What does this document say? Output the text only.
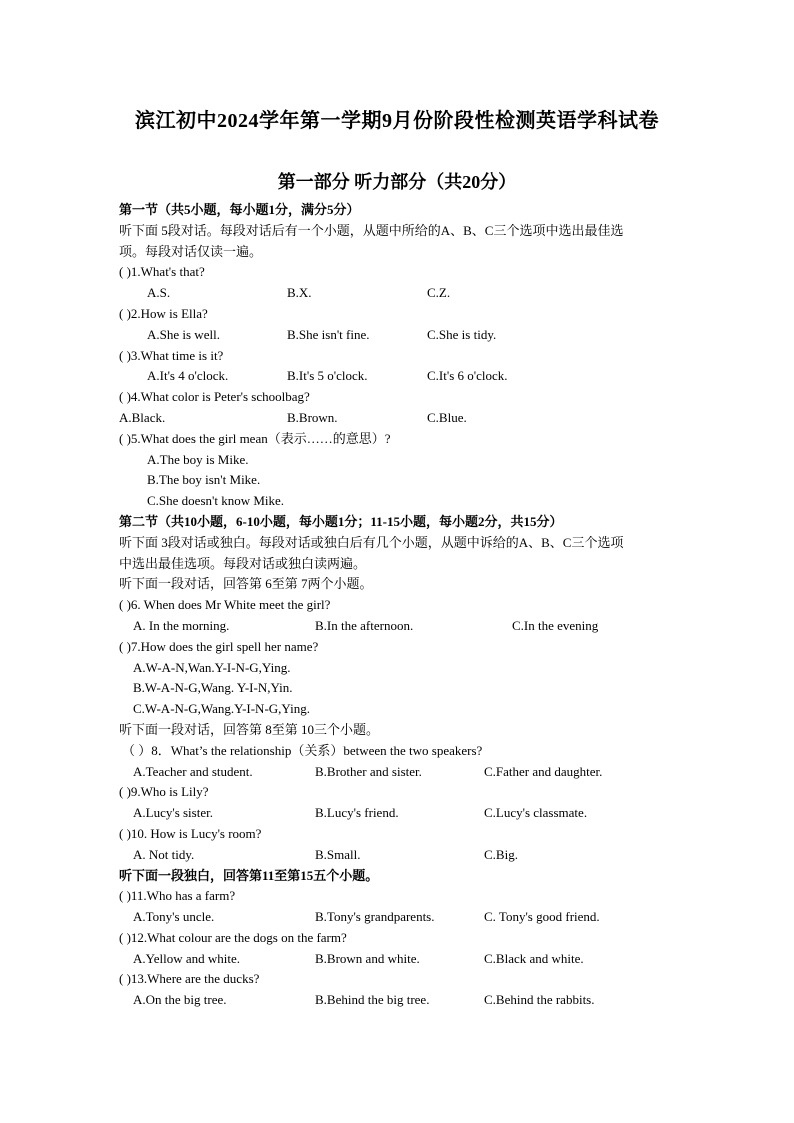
滨江初中2024学年第一学期9月份阶段性检测英语学科试卷
第一部分 听力部分（共20分）
第一节（共5小题，每小题1分，满分5分）
听下面 5段对话。每段对话后有一个小题，从题中所给的A、B、C三个选项中选出最佳选
项。每段对话仅读一遍。
( )1.What's that?
A.S.	B.X.	C.Z.
( )2.How is Ella?
A.She is well.	B.She isn't fine.	C.She is tidy.
( )3.What time is it?
A.It's 4 o'clock.	B.It's 5 o'clock.	C.It's 6 o'clock.
( )4.What color is Peter's schoolbag?
A.Black.	B.Brown.	C.Blue.
( )5.What does the girl mean（表示……的意思）?
A.The boy is Mike.
B.The boy isn't Mike.
C.She doesn't know Mike.
第二节（共10小题，6-10小题，每小题1分；11-15小题，每小题2分，共15分）
听下面 3段对话或独白。每段对话或独白后有几个小题，从题中诉给的A、B、C三个选项
中选出最佳选项。每段对话或独白读两遍。
听下面一段对话，回答第 6至第 7两个小题。
( )6. When does Mr White meet the girl?
A. In the morning.	B.In the afternoon.	C.In the evening
( )7.How does the girl spell her name?
A.W-A-N,Wan.Y-I-N-G,Ying.
B.W-A-N-G,Wang. Y-I-N,Yin.
C.W-A-N-G,Wang.Y-I-N-G,Ying.
听下面一段对话，回答第 8至第 10三个小题。
（ ）8．What’s the relationship（关系）between the two speakers?
A.Teacher and student.	B.Brother and sister.	C.Father and daughter.
( )9.Who is Lily?
A.Lucy's sister.	B.Lucy's friend.	C.Lucy's classmate.
( )10. How is Lucy's room?
A. Not tidy.	B.Small.	C.Big.
听下面一段独白，回答第11至第15五个小题。
( )11.Who has a farm?
A.Tony's uncle.	B.Tony's grandparents.	C. Tony's good friend.
( )12.What colour are the dogs on the farm?
A.Yellow and white.	B.Brown and white.	C.Black and white.
( )13.Where are the ducks?
A.On the big tree.	B.Behind the big tree.	C.Behind the rabbits.
